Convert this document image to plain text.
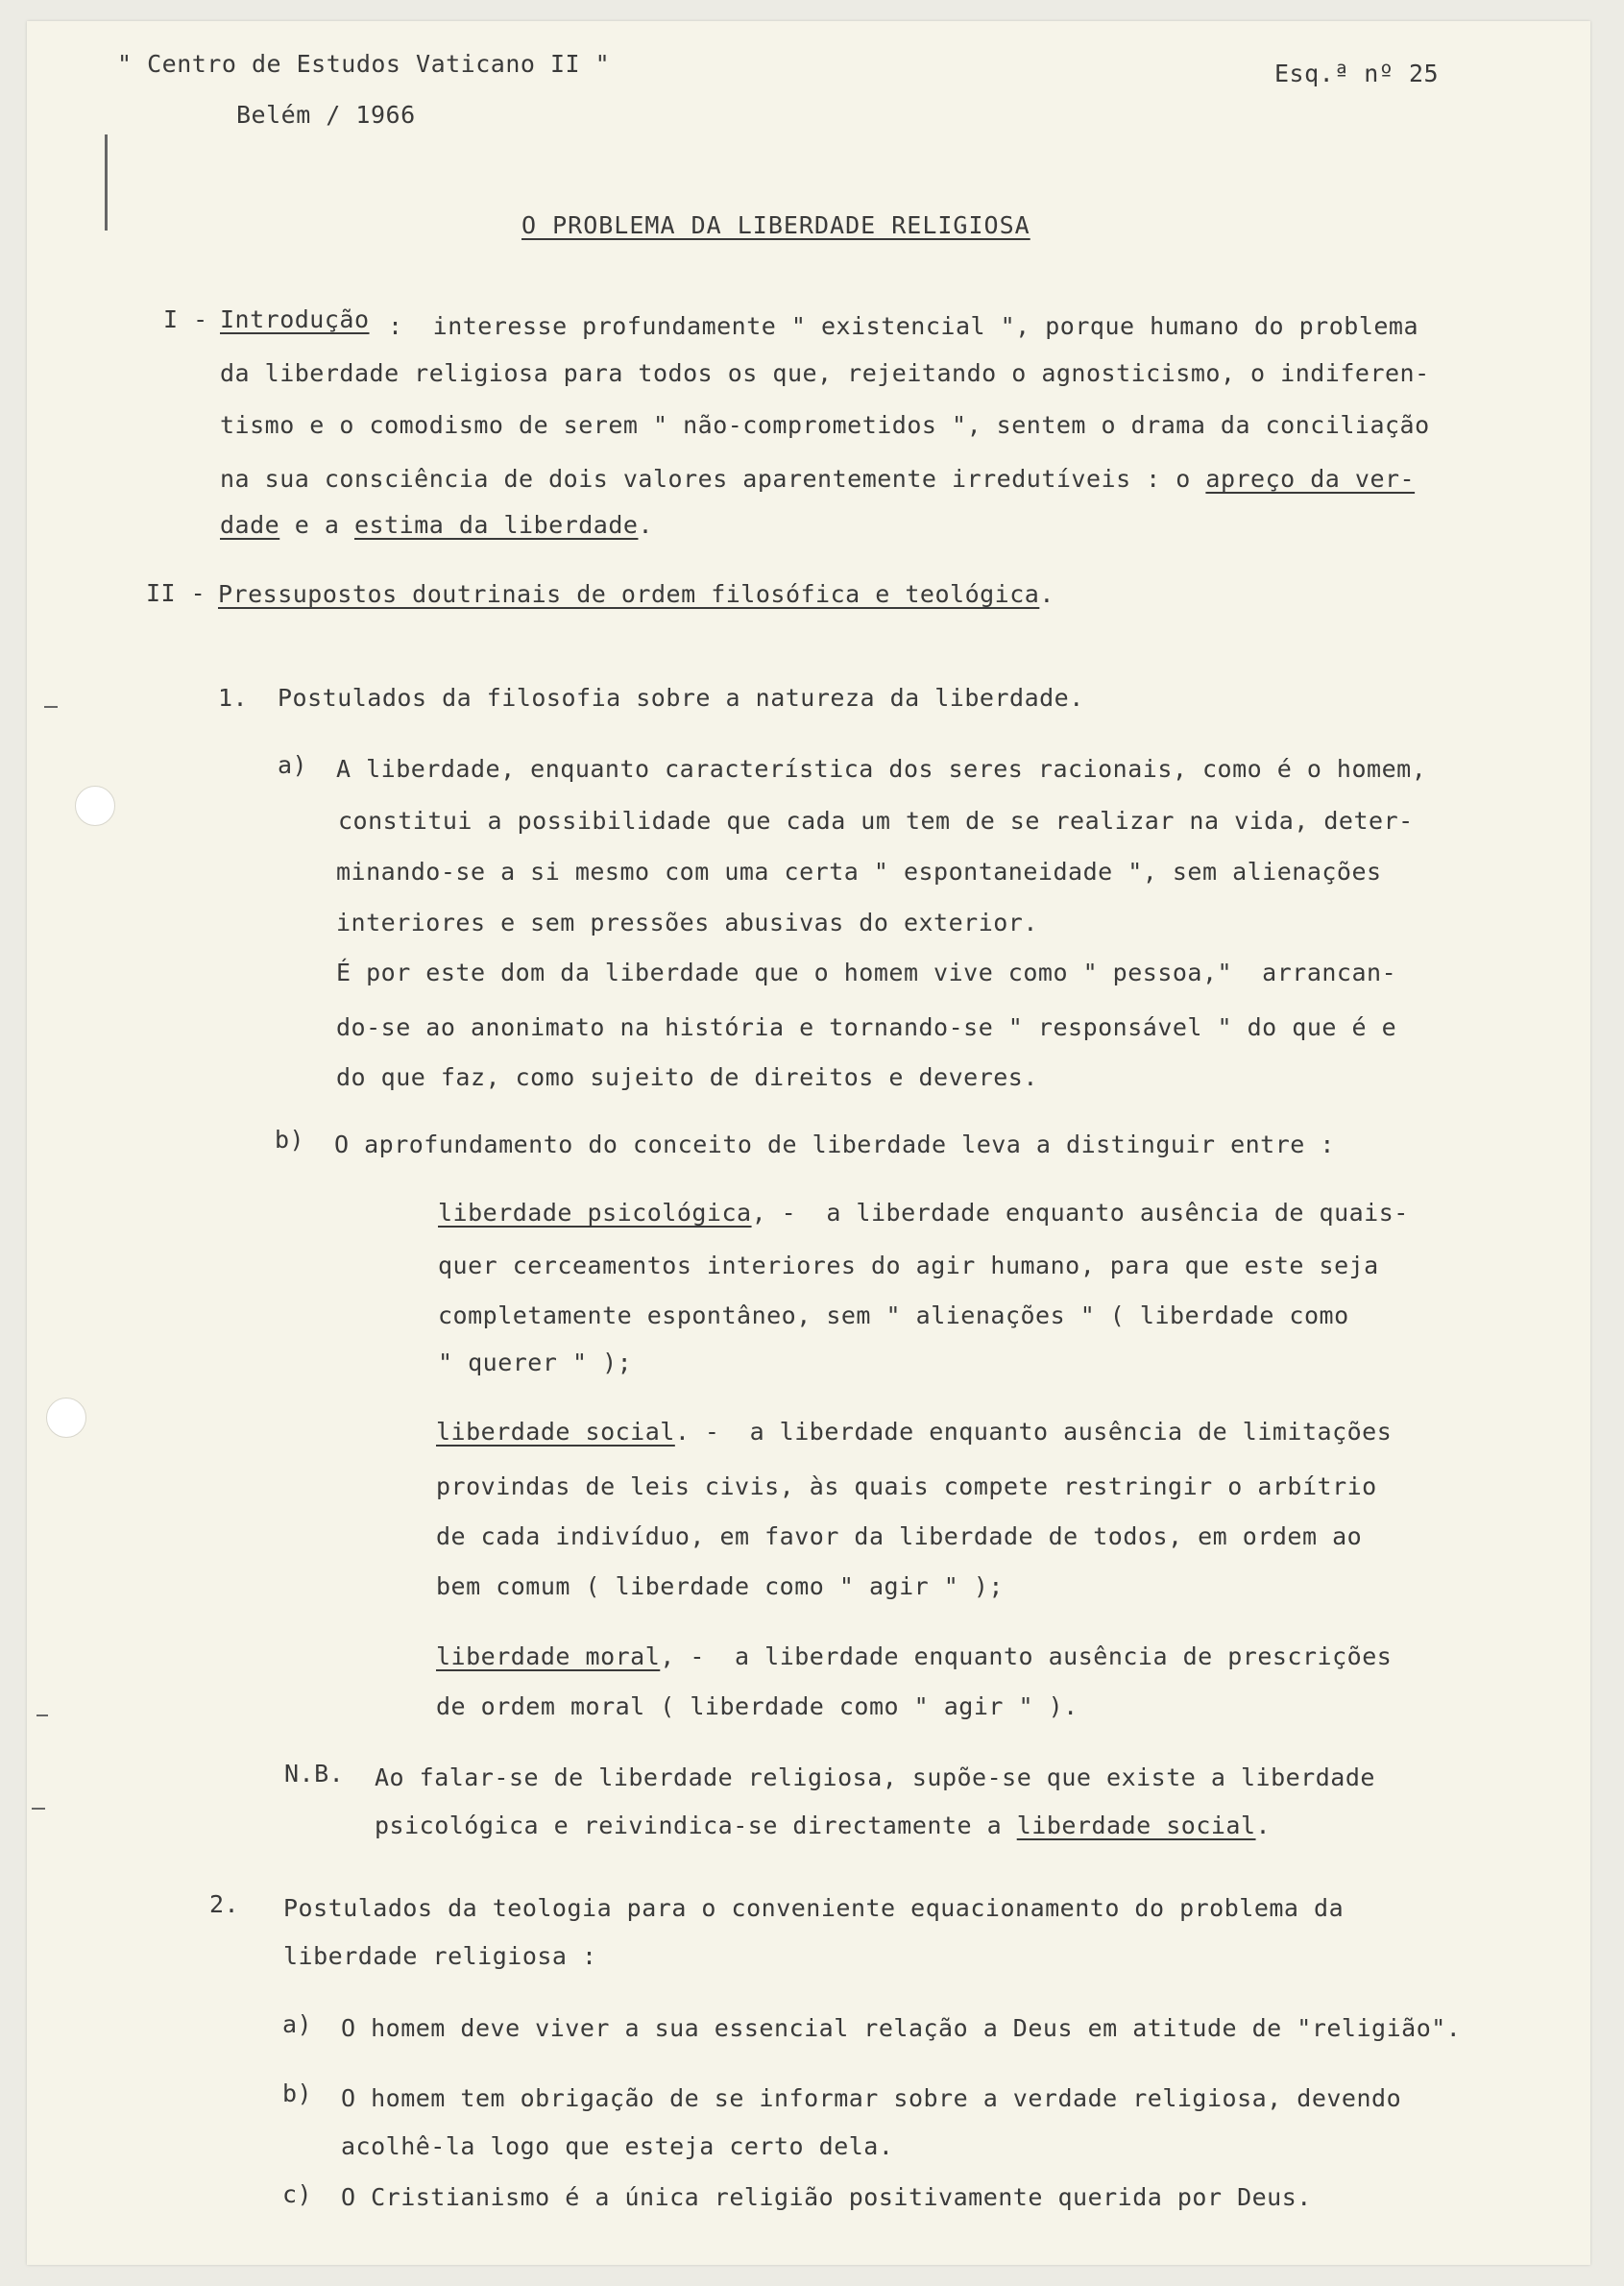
" Centro de Estudos Vaticano II "
Belém / 1966
Esq.ª nº 25
O PROBLEMA DA LIBERDADE RELIGIOSA
I - Introdução :  interesse profundamente " existencial ", porque humano do problema
da liberdade religiosa para todos os que, rejeitando o agnosticismo, o indiferen-
tismo e o comodismo de serem " não-comprometidos ", sentem o drama da conciliação
na sua consciência de dois valores aparentemente irredutíveis : o apreço da ver-
dade e a estima da liberdade.
II - Pressupostos doutrinais de ordem filosófica e teológica.
1. Postulados da filosofia sobre a natureza da liberdade.
a) A liberdade, enquanto característica dos seres racionais, como é o homem,
constitui a possibilidade que cada um tem de se realizar na vida, deter-
minando-se a si mesmo com uma certa " espontaneidade ", sem alienações
interiores e sem pressões abusivas do exterior.
É por este dom da liberdade que o homem vive como " pessoa,"  arrancan-
do-se ao anonimato na história e tornando-se " responsável " do que é e
do que faz, como sujeito de direitos e deveres.
b) O aprofundamento do conceito de liberdade leva a distinguir entre :
liberdade psicológica, -  a liberdade enquanto ausência de quais-
quer cerceamentos interiores do agir humano, para que este seja
completamente espontâneo, sem " alienações " ( liberdade como
" querer " );
liberdade social. -  a liberdade enquanto ausência de limitações
provindas de leis civis, às quais compete restringir o arbítrio
de cada indivíduo, em favor da liberdade de todos, em ordem ao
bem comum ( liberdade como " agir " );
liberdade moral, -  a liberdade enquanto ausência de prescrições
de ordem moral ( liberdade como " agir " ).
N.B. Ao falar-se de liberdade religiosa, supõe-se que existe a liberdade
psicológica e reivindica-se directamente a liberdade social.
2. Postulados da teologia para o conveniente equacionamento do problema da
liberdade religiosa :
a) O homem deve viver a sua essencial relação a Deus em atitude de "religião".
b) O homem tem obrigação de se informar sobre a verdade religiosa, devendo
acolhê-la logo que esteja certo dela.
c) O Cristianismo é a única religião positivamente querida por Deus.
